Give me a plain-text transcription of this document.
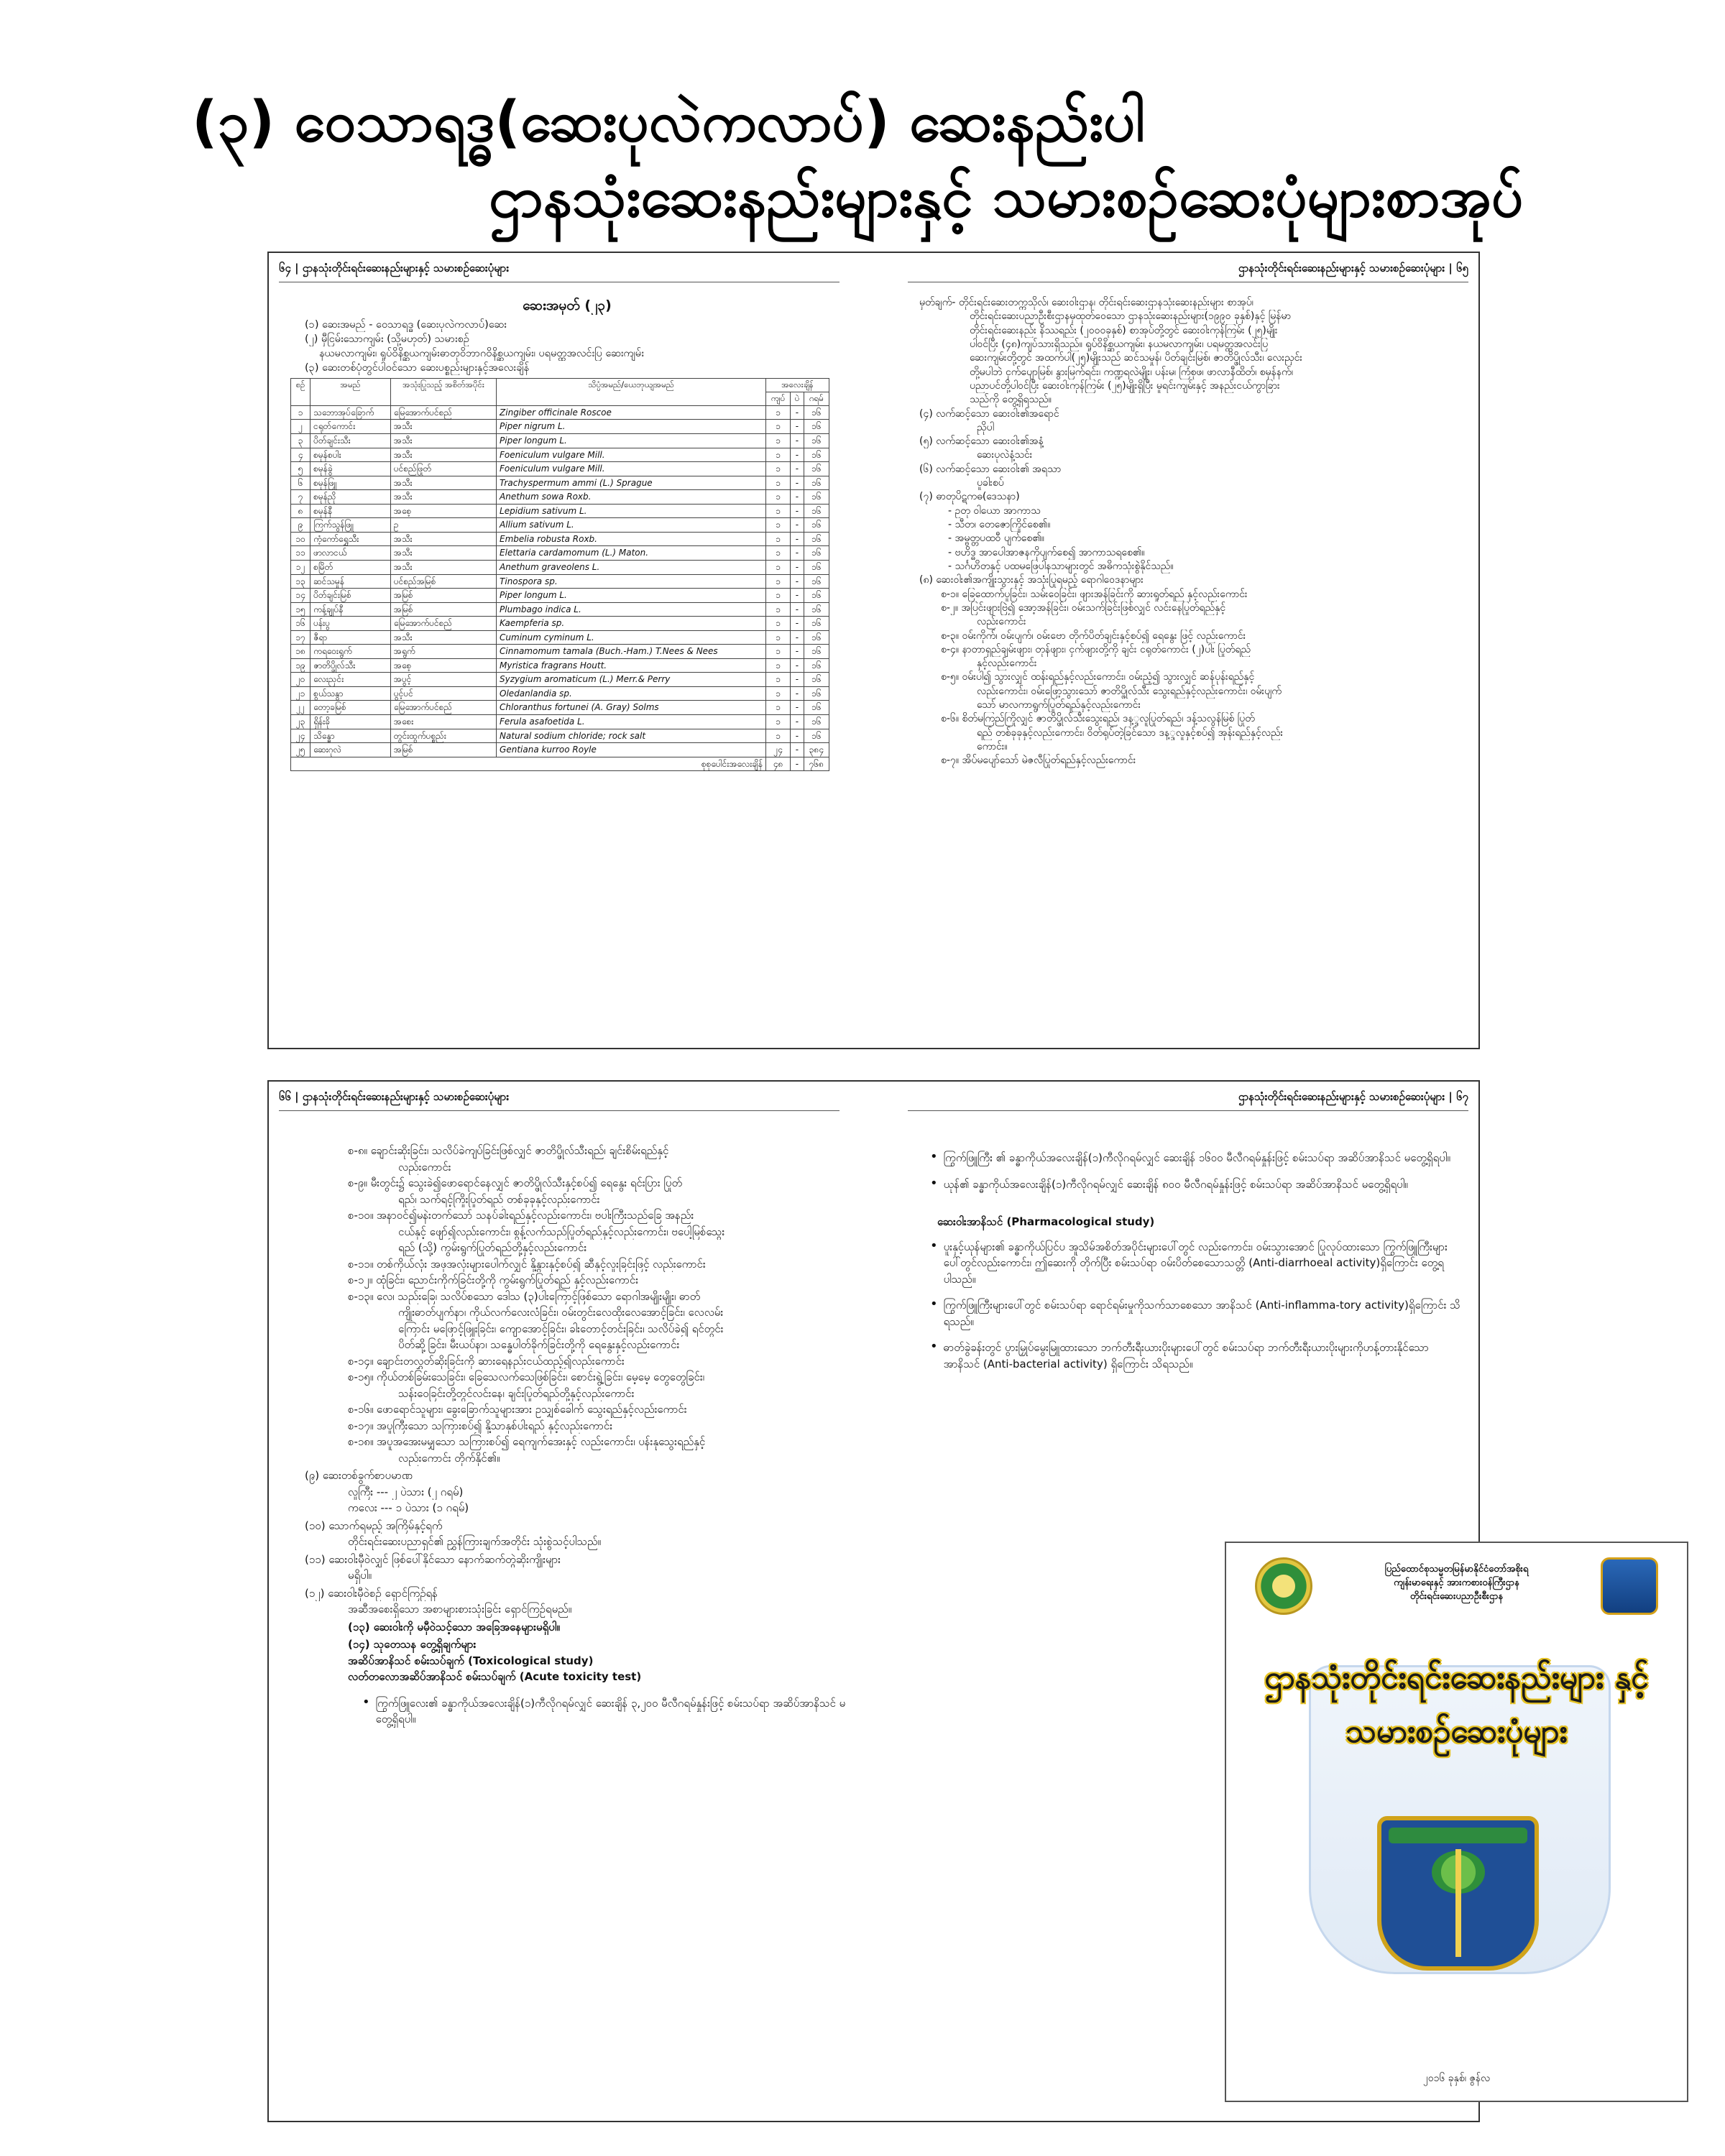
(၃) ဝေသာရဒ္ဓ(ဆေးပုလဲကလာပ်) ဆေးနည်းပါ
ဌာနသုံးဆေးနည်းများနှင့် သမားစဉ်ဆေးပုံများစာအုပ်
၆၄ | ဌာနသုံးတိုင်းရင်းဆေးနည်းများနှင့် သမားစဉ်ဆေးပုံများ	ဌာနသုံးတိုင်းရင်းဆေးနည်းများနှင့် သမားစဉ်ဆေးပုံများ | ၆၅
ဆေးအမှတ် (၂၃)
(၁) ဆေးအမည် - ဝေသာရဒ္ဓ (ဆေးပုလဲကလာပ်)ဆေး
(၂) မှီငြမ်းသောကျမ်း (သို့မဟုတ်) သမားစဉ်
နယမလာကျမ်း၊ ရှုပ်ဝိနိစ္ဆယကျမ်းဓာတုဝိဘာဂဝိနိစ္ဆယကျမ်း၊ ပရမတ္ထအလင်းပြ ဆေးကျမ်း
(၃) ဆေးတစ်ပုံတွင်ပါဝင်သော ဆေးပစ္စည်းများနှင့်အလေးချိန်
စဉ်	အမည်	အသုံးပြုသည့် အစိတ်အပိုင်း	သိပ္ပံအမည်/ယေဘုယျအမည်	အလေးချိန်		
				ကျပ်	ပဲ	ဂရမ်
၁	သဘောအုပ်ခြောက်	မြေအောက်ပင်စည်	Zingiber officinale Roscoe	၁	-	၁၆
၂	ငရုတ်ကောင်း	အသီး	Piper nigrum L.	၁	-	၁၆
၃	ပိတ်ချင်းသီး	အသီး	Piper longum L.	၁	-	၁၆
၄	စမုန်စပါး	အသီး	Foeniculum vulgare Mill.	၁	-	၁၆
၅	စမုန်ခွဲ	ပင်စည်ဖြုတ်	Foeniculum vulgare Mill.	၁	-	၁၆
၆	စမုန်ဖြူ	အသီး	Trachyspermum ammi (L.) Sprague	၁	-	၁၆
၇	စမုန်ညို	အသီး	Anethum sowa Roxb.	၁	-	၁၆
၈	စမုန်နီ	အစေ့	Lepidium sativum L.	၁	-	၁၆
၉	ကြက်သွန်ဖြူ	ဥ	Allium sativum L.	၁	-	၁၆
၁၀	ကံ့ကော်ရွှေသီး	အသီး	Embelia robusta Roxb.	၁	-	၁၆
၁၁	ဖာလာငယ်	အသီး	Elettaria cardamomum (L.) Maton.	၁	-	၁၆
၁၂	စမြိတ်	အသီး	Anethum graveolens L.	၁	-	၁၆
၁၃	ဆင်သမှုန်	ပင်စည်အမြစ်	Tinospora sp.	၁	-	၁၆
၁၄	ပိတ်ချင်းမြစ်	အမြစ်	Piper longum L.	၁	-	၁၆
၁၅	ကန့်ချုပ်နီ	အမြစ်	Plumbago indica L.	၁	-	၁၆
၁၆	ပန်းပွ	မြေအောက်ပင်စည်	Kaempferia sp.	၁	-	၁၆
၁၇	ဇီရာ	အသီး	Cuminum cyminum L.	၁	-	၁၆
၁၈	ကရဝေးရွက်	အရွက်	Cinnamomum tamala (Buch.-Ham.) T.Nees & Nees	၁	-	၁၆
၁၉	ဇာတိပ္ဖိုလ်သီး	အစေ့	Myristica fragrans Houtt.	၁	-	၁၆
၂၀	လေးညှင်း	အပွင့်	Syzygium aromaticum (L.) Merr.& Perry	၁	-	၁၆
၂၁	စွယ်သနွာ	ပွင့်ပင်	Oledanlandia sp.	၁	-	၁၆
၂၂	တော့ခမြစ်	မြေအောက်ပင်စည်	Chloranthus fortunei (A. Gray) Solms	၁	-	၁၆
၂၃	ရှိန်းခို	အစေး	Ferula asafoetida L.	၁	-	၁၆
၂၄	သိန္ဓော	တွင်းထွက်ပစ္စည်း	Natural sodium chloride; rock salt	၁	-	၁၆
၂၅	ဆေးဂုလဲ	အမြစ်	Gentiana kurroo Royle	၂၄	-	၃၈၄
စုစုပေါင်းအလေးချိန်				၄၈	-	၇၆၈
မှတ်ချက်- တိုင်းရင်းဆေးတက္ကသိုလ်၊ ဆေးဝါးဌာန၊ တိုင်းရင်းဆေးဌာနသုံးဆေးနည်းများ စာအုပ်၊
တိုင်းရင်းဆေးပညာဦးစီးဌာနမှထုတ်ဝေသော ဌာနသုံးဆေးနည်းများ(၁၉၉၀ ခုနှစ်)နှင့် မြန်မာ
တိုင်းရင်းဆေးနည်း နိဿရည်း (၂၀၀၀ခုနှစ်) စာအုပ်တို့တွင် ဆေးဝါးကုန်ကြမ်း (၂၅)မျိုး
ပါဝင်ပြီး (၄၈)ကျပ်သားရှိသည်။ ရှုပ်ဝိနိစ္ဆယကျမ်း၊ နယမလာကျမ်း၊ ပရမတ္ထအလင်းပြ
ဆေးကျမ်းတို့တွင် အထက်ပါ(၂၅)မျိုးသည် ဆင်သမှုန်၊ ပိတ်ချင်းမြစ်၊ ဇာတိပ္ဖိုလ်သီး၊ လေးညှင်း
တို့မပါဘဲ ငှက်ပျောမြစ်၊ နွားမြက်ရင်း၊ ကဏ္ဍရလဲမျိုး၊ ပန်းမ၊ ကြံစုဖ၊ ဖာလာနီထိတ်၊ စမုန်နက်၊
ပညာပင်တို့ပါဝင်ပြီး ဆေးဝါးကုန်ကြမ်း (၂၅)မျိုးရှိပြီး မူရင်းကျမ်းနှင့် အနည်းငယ်ကွာခြား
သည်ကို တွေ့ရှိရသည်။
(၄) လက်ဆင့်သော ဆေးဝါး၏အရောင်
ညိုပါ
(၅) လက်ဆင့်သော ဆေးဝါး၏အနံ့
ဆေးပုလဲနံ့သင်း
(၆) လက်ဆင့်သော ဆေးဝါး၏ အရသာ
ပူခါးစပ်
(၇) ဓာတုပိဋကဓ(ဒေသနာ)
- ဥတု ဝါယော အာကာသ
- သီတ၊ တေဇောကြိုင်စေ၏။
- အမ္ဗတ္တပထဝီ ပျက်စေ၏။
- ဗဟိဒ္ဓ အာပေါအာဇနကိုပျက်စေ၍ အာကာသရစေ၏။
- သင်္ဂဟိတနှင့် ပထမဖြေပါနသာများတွင် အဓိကသုံးစွဲနိုင်သည်။
(၈) ဆေးဝါး၏အကျိုးသွားနှင့် အသုံးပြုရမည့် ရောဂါဝေဒနာများ
စ-၁။ ခြေထောက်ပူခြင်း၊ သမ်းဝေခြင်း၊ ဖျားအန်ခြင်းကို ဆားရှုတ်ရည် နှင့်လည်းကောင်း
စ-၂။ အပြင်းဖျားဗြဲ၍ အော့အန်ခြင်း၊ ဝမ်းသက်ခြင်းဖြစ်လျှင် လင်းနေပြုတ်ရည်နှင့်
လည်းကောင်း
စ-၃။ ဝမ်းကိုက်၊ ဝမ်းပျက်၊ ဝမ်းဗော တိုက်ပိတ်ချင်းနှင့်စပ်၍ ရေနွေး ဖြင့် လည်းကောင်း
စ-၄။ နာတာရှည်ချမ်းဖျား၊ တုန်ဖျား၊ ငှက်ဖျားတို့ကို ချင်း ငရုတ်ကောင်း (၂)ပါး ပြုတ်ရည်
နှင့်လည်းကောင်း
စ-၅။ ဝမ်းပါ၍ သွားလျှင် ထန်းရည်နှင့်လည်းကောင်း၊ ဝမ်းညံ့၍ သွားလျှင် ဆန်ပုန်းရည်နှင့်
လည်းကောင်း၊ ဝမ်းဖြော့သွားသော် ဇာတိပ္ဖိုလ်သီး သွေးရည်နှင့်လည်းကောင်း၊ ဝမ်းပျက်
သော် မာလကာရွက်ပြုတ်ရည်နှင့်လည်းကောင်း
စ-၆။ စိတ်မကြည်ကြိုလျှင် ဇာတိပ္ဖိုလ်သီးသွေးရည်၊ ဒန့္ဒလူပြုတ်ရည်၊ ဒန့်သလွန်မြစ် ပြုတ်
ရည် တစ်ခုခုနှင့်လည်းကောင်း၊ ဝိတ်ရုပ်တဲ့ခြင်သော ဒန့္ဒလူနှင့်စပ်၍ အုန်းရည်နှင့်လည်း
ကောင်း။
စ-၇။ အိပ်မပျော်သော် မဲဇလီပြုတ်ရည်နှင့်လည်းကောင်း
၆၆ | ဌာနသုံးတိုင်းရင်းဆေးနည်းများနှင့် သမားစဉ်ဆေးပုံများ	ဌာနသုံးတိုင်းရင်းဆေးနည်းများနှင့် သမားစဉ်ဆေးပုံများ | ၆၇
စ-၈။ ချောင်းဆိုးခြင်း၊ သလိပ်ခဲကျပ်ခြင်းဖြစ်လျှင် ဇာတိပ္ဖိုလ်သီးရည်၊ ချင်းစိမ်းရည်နှင့်
လည်းကောင်း
စ-၉။ မီးတွင်း၌ သွေးခဲ၍ဖောရောင်နေလျှင် ဇာတိပ္ဖိုလ်သီးနှင့်စပ်၍ ရေနွေး ရင်းပြား ပြုတ်
ရည်၊ သက်ရင့်ကြိုးပြုတ်ရည် တစ်ခုခုနှင့်လည်းကောင်း
စ-၁၀။ အနာဝင်၍မနဲးတက်သော် သနပ်ခါးရည်နှင့်လည်းကောင်း၊ ဗပါးကြီးသည်ခြေ အနည်း
ငယ်နှင့် ဖျော်၍လည်းကောင်း၊ စွန့်လက်သည်ပြုတ်ရည်နှင့်လည်းကောင်း၊ ဗပေါ့မြစ်သွေး
ရည် (သို့) ကွမ်းရွက်ပြုတ်ရည်တို့နှင့်လည်းကောင်း
စ-၁၁။ တစ်ကိုယ်လုံး အဖုအလုံးများပေါက်လျှင် နို့နွားနှင့်စပ်၍ ဆီနှင့်လူးခြင်းဖြင့် လည်းကောင်း
စ-၁၂။ ထုံခြင်း၊ ညောင်းကိုက်ခြင်းတို့ကို ကွမ်းရွက်ပြုတ်ရည် နှင့်လည်းကောင်း
စ-၁၃။ လေ၊ သည်းခြေ၊ သလိပ်စသော ဒေါသ (၃)ပါးကြောင့်ဖြစ်သော ရောဂါအမျိုးမျိုး၊ ဓာတ်
ကျိုးဓာတ်ပျက်နာ၊ ကိုယ်လက်လေးလံခြင်း၊ ဝမ်းတွင်းလေထိုးလေအောင့်ခြင်း၊ လေလမ်း
ကြောင်း မဖြောင့်ဖြူးခြင်း၊ ကျောအောင့်ခြင်း၊ ခါးတောင့်တင်းခြင်း၊ သလိပ်ခဲ၍ ရင်တွင်း
ပိတ်ဆို့ခြင်း၊ မီးယပ်နာ၊ သန္ဓေပါတ်ခိုက်ခြင်းတို့ကို ရေနွေးနှင့်လည်းကောင်း
စ-၁၄။ ချောင်းတလွှတ်ဆိုးခြင်းကို ဆားရေနည်းငယ်ထည့်၍လည်းကောင်း
စ-၁၅။ ကိုယ်တစ်ခြမ်းသေခြင်း၊ ခြေသေလက်သေဖြစ်ခြင်း၊ စောင်းရွဲ့ခြင်း၊ မေ့မေ့ တွေတွေခြင်း၊
သန်းဝေခြင်းတို့တွင်လင်းနေ၊ ချင်းပြုတ်ရည်တို့နှင့်လည်းကောင်း
စ-၁၆။ ဖောရောင်သူများ၊ ခွေးခြောက်သူများအား ဥသျှစ်ခေါက် သွေးရည်နှင့်လည်းကောင်း
စ-၁၇။ အပူကြီးသော သကြားစပ်၍ နို့သာနှစ်ပါးရည် နှင့်လည်းကောင်း
စ-၁၈။ အပူအအေးမမျှသော သကြားစပ်၍ ရေကျက်အေးနှင့် လည်းကောင်း၊ ပန်းနုသွေးရည်နှင့်
လည်းကောင်း တိုက်နိုင်၏။
(၉) ဆေးတစ်ခွက်စာပမာဏ
လူကြီး --- ၂ ပဲသား (၂ ဂရမ်)
ကလေး --- ၁ ပဲသား (၁ ဂရမ်)
(၁၀) သောက်ရမည့် အကြိမ်နှင့်ရက်
တိုင်းရင်းဆေးပညာရှင်၏ ညွှန်ကြားချက်အတိုင်း သုံးစွဲသင့်ပါသည်။
(၁၁) ဆေးဝါးမှီဝဲလျှင် ဖြစ်ပေါ်နိုင်သော နောက်ဆက်တွဲဆိုးကျိုးများ
မရှိပါ။
(၁၂) ဆေးဝါးမှီဝဲစဉ် ရှောင်ကြဉ်ရန်
အဆီအစေးရှိသော အစာများစားသုံးခြင်း ရှောင်ကြဉ်ရမည်။
(၁၃) ဆေးဝါးကို မမှီဝဲသင့်သော အခြေအနေများမရှိပါ။
(၁၄) သုတေသန တွေ့ရှိချက်များ
အဆိပ်အာနိသင် စမ်းသပ်ချက် (Toxicological study)
လတ်တလောအဆိပ်အာနိသင် စမ်းသပ်ချက် (Acute toxicity test)
• ကြွက်ဖြူလေး၏ ခန္ဓာကိုယ်အလေးချိန်(၁)ကီလိုဂရမ်လျှင် ဆေးချိန် ၃,၂၀၀ မီလီဂရမ်နှုန်းဖြင့် စမ်းသပ်ရာ အဆိပ်အာနိသင် မတွေ့ရှိရပါ။
• ကြွက်ဖြူကြီး ၏ ခန္ဓာကိုယ်အလေးချိန်(၁)ကီလိုဂရမ်လျှင် ဆေးချိန် ၁၆၀၀ မီလီဂရမ်နှုန်းဖြင့် စမ်းသပ်ရာ အဆိပ်အာနိသင် မတွေ့ရှိရပါ။
• ယုန်၏ ခန္ဓာကိုယ်အလေးချိန်(၁)ကီလိုဂရမ်လျှင် ဆေးချိန် ၈၀၀ မီလီဂရမ်နှုန်းဖြင့် စမ်းသပ်ရာ အဆိပ်အာနိသင် မတွေ့ရှိရပါ။
ဆေးဝါးအာနိသင် (Pharmacological study)
• ပူးနှင့်ယုန်များ၏ ခန္ဓာကိုယ်ပြင်ပ အူသိမ်အစိတ်အပိုင်းများပေါ်တွင် လည်းကောင်း၊ ဝမ်းသွားအောင် ပြုလုပ်ထားသော ကြွက်ဖြူကြီးများပေါ်တွင်လည်းကောင်း၊ ဤဆေးကို တိုက်ပြီး စမ်းသပ်ရာ ဝမ်းပိတ်စေသောသတ္တိ (Anti-diarrhoeal activity)ရှိကြောင်း တွေ့ရပါသည်။
• ကြွက်ဖြူကြီးများပေါ်တွင် စမ်းသပ်ရာ ရောင်ရမ်းမှုကိုသက်သာစေသော အာနိသင် (Anti-inflamma-tory activity)ရှိကြောင်း သိရသည်။
• ဓာတ်ခွဲခန်းတွင် ပွားမြှုပ်မွေးမြူထားသော ဘက်တီးရီးယားပိုးများပေါ်တွင် စမ်းသပ်ရာ ဘက်တီးရီးယားပိုးများကိုဟန့်တားနိုင်သော အာနိသင် (Anti-bacterial activity) ရှိကြောင်း သိရသည်။
ပြည်ထောင်စုသမ္မတမြန်မာနိုင်ငံတော်အစိုးရ
ကျန်းမာရေးနှင့် အားကစားဝန်ကြီးဌာန
တိုင်းရင်းဆေးပညာဦးစီးဌာန
ဌာနသုံးတိုင်းရင်းဆေးနည်းများ နှင့်
သမားစဉ်ဆေးပုံများ
၂၀၁၆ ခုနှစ်၊ ဇွန်လ
